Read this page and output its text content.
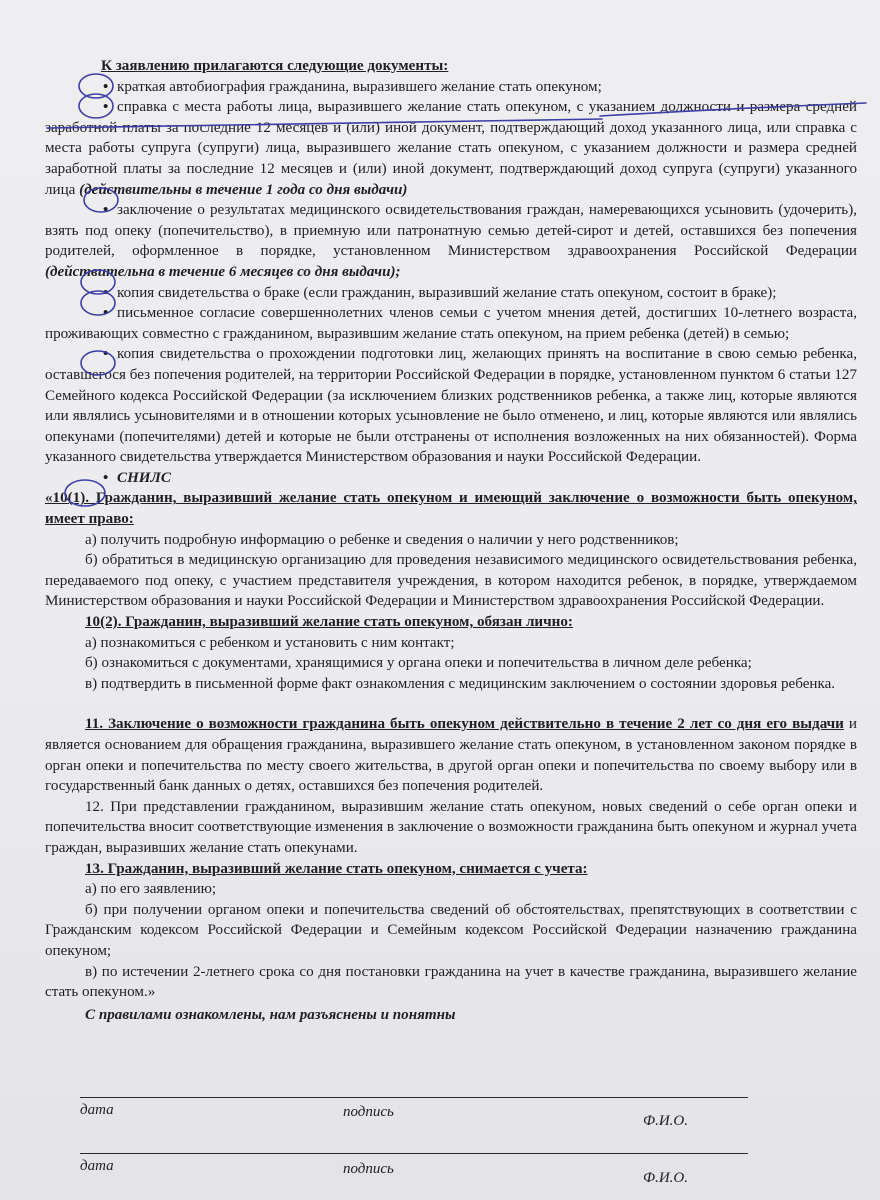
К заявлению прилагаются следующие документы:

• краткая автобиография гражданина, выразившего желание стать опекуном;

• справка с места работы лица, выразившего желание стать опекуном, с указанием должности и размера средней заработной платы за последние 12 месяцев и (или) иной документ, подтверждающий доход указанного лица, или справка с места работы супруга (супруги) лица, выразившего желание стать опекуном, с указанием должности и размера средней заработной платы за последние 12 месяцев и (или) иной документ, подтверждающий доход супруга (супруги) указанного лица (действительны в течение 1 года со дня выдачи)

• заключение о результатах медицинского освидетельствования граждан, намеревающихся усыновить (удочерить), взять под опеку (попечительство), в приемную или патронатную семью детей-сирот и детей, оставшихся без попечения родителей, оформленное в порядке, установленном Министерством здравоохранения Российской Федерации (действительна в течение 6 месяцев со дня выдачи);

• копия свидетельства о браке (если гражданин, выразивший желание стать опекуном, состоит в браке);

• письменное согласие совершеннолетних членов семьи с учетом мнения детей, достигших 10-летнего возраста, проживающих совместно с гражданином, выразившим желание стать опекуном, на прием ребенка (детей) в семью;

• копия свидетельства о прохождении подготовки лиц, желающих принять на воспитание в свою семью ребенка, оставшегося без попечения родителей, на территории Российской Федерации в порядке, установленном пунктом 6 статьи 127 Семейного кодекса Российской Федерации (за исключением близких родственников ребенка, а также лиц, которые являются или являлись усыновителями и в отношении которых усыновление не было отменено, и лиц, которые являются или являлись опекунами (попечителями) детей и которые не были отстранены от исполнения возложенных на них обязанностей). Форма указанного свидетельства утверждается Министерством образования и науки Российской Федерации.

• СНИЛС

«10(1). Гражданин, выразивший желание стать опекуном и имеющий заключение о возможности быть опекуном, имеет право:

а) получить подробную информацию о ребенке и сведения о наличии у него родственников;

б) обратиться в медицинскую организацию для проведения независимого медицинского освидетельствования ребенка, передаваемого под опеку, с участием представителя учреждения, в котором находится ребенок, в порядке, утверждаемом Министерством образования и науки Российской Федерации и Министерством здравоохранения Российской Федерации.

10(2). Гражданин, выразивший желание стать опекуном, обязан лично:

а) познакомиться с ребенком и установить с ним контакт;

б) ознакомиться с документами, хранящимися у органа опеки и попечительства в личном деле ребенка;

в) подтвердить в письменной форме факт ознакомления с медицинским заключением о состоянии здоровья ребенка.

11. Заключение о возможности гражданина быть опекуном действительно в течение 2 лет со дня его выдачи и является основанием для обращения гражданина, выразившего желание стать опекуном, в установленном законом порядке в орган опеки и попечительства по месту своего жительства, в другой орган опеки и попечительства по своему выбору или в государственный банк данных о детях, оставшихся без попечения родителей.

12. При представлении гражданином, выразившим желание стать опекуном, новых сведений о себе орган опеки и попечительства вносит соответствующие изменения в заключение о возможности гражданина быть опекуном и журнал учета граждан, выразивших желание стать опекунами.

13. Гражданин, выразивший желание стать опекуном, снимается с учета:

а) по его заявлению;

б) при получении органом опеки и попечительства сведений об обстоятельствах, препятствующих в соответствии с Гражданским кодексом Российской Федерации и Семейным кодексом Российской Федерации назначению гражданина опекуном;

в) по истечении 2-летнего срока со дня постановки гражданина на учет в качестве гражданина, выразившего желание стать опекуном.»

С правилами ознакомлены, нам разъяснены и понятны

дата	подпись
Ф.И.О.
дата	подпись
Ф.И.О.
